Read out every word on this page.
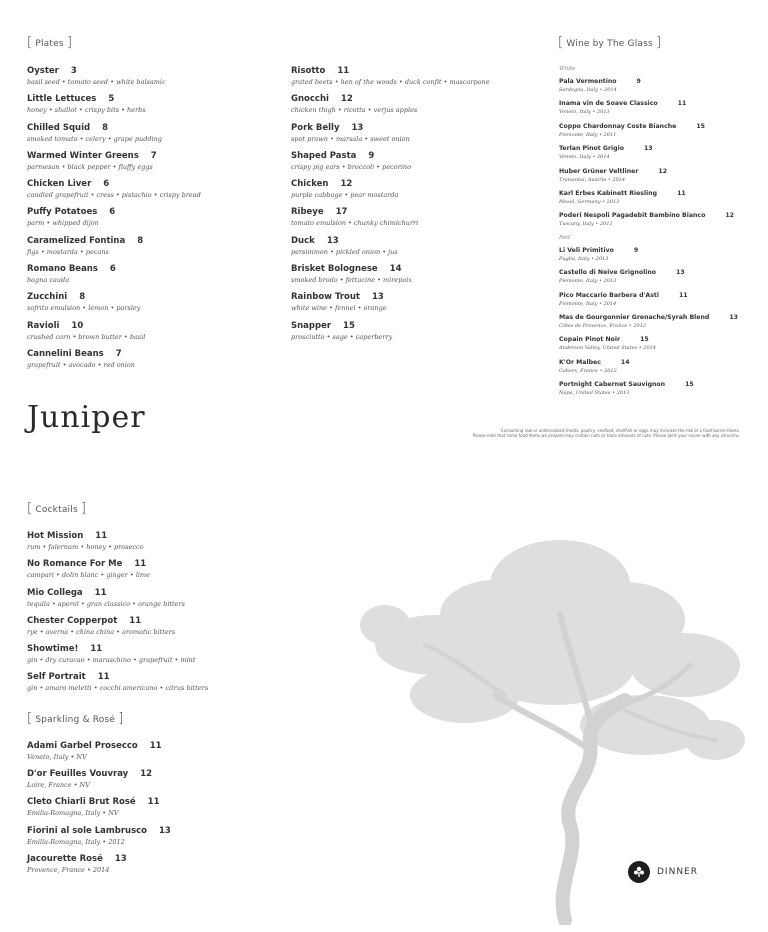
[ Plates ]	[ Wine by The Glass ]
[ Cocktails ]
[ Sparkling & Rosé ]
Oyster 3
basil seed • tomato seed • white balsamic
Little Lettuces 5
honey • shallot • crispy bits • herbs
Chilled Squid 8
smoked tomato • celery • grape pudding
Warmed Winter Greens 7
parmesan • black pepper • fluffy eggs
Chicken Liver 6
candied grapefruit • cress • pistachio • crispy bread
Puffy Potatoes 6
parm • whipped dijon
Caramelized Fontina 8
figs • mostarda • pecans
Romano Beans 6
bagna cauda
Zucchini 8
sofrito emulsion • lemon • parsley
Ravioli 10
crushed corn • brown butter • basil
Cannelini Beans 7
grapefruit • avocado • red onion
Risotto 11
grated beets • hen of the woods • duck confit • mascarpone
Gnocchi 12
chicken thigh • ricotta • verjus apples
Pork Belly 13
spot prawn • marsala • sweet onion
Shaped Pasta 9
crispy pig ears • broccoli • pecorino
Chicken 12
purple cabbage • pear mostarda
Ribeye 17
tomato emulsion • chunky chimichurri
Duck 13
persimmon • pickled onion • jus
Brisket Bolognese 14
smoked brodo • fettucine • mirepoix
Rainbow Trout 13
white wine • fennel • orange
Snapper 15
prosciutto • sage • caperberry
White
Pala Vermentino	9
Sardegna, Italy • 2014
Inama vin de Soave Classico	11
Veneto, Italy • 2013
Coppo Chardonnay Coste Bianche	15
Piemonte, Italy • 2011
Terlan Pinot Grigio	13
Veneto, Italy • 2014
Huber Grüner Veltliner	12
Traisental, Austria • 2014
Karl Erbes Kabinett Riesling	11
Mosel, Germany • 2013
Poderi Nespoli Pagadebit Bambino Bianco	12
Tuscany, Italy • 2011
Red
Li Veli Primitivo	9
Puglia, Italy • 2013
Castello di Neive Grignolino	13
Piemonte, Italy • 2013
Pico Maccario Barbera d'Asti	11
Piemonte, Italy • 2014
Mas de Gourgonnier Grenache/Syrah Blend	13
Côtes de Provence, France • 2012
Copain Pinot Noir	15
Anderson Valley, United States • 2014
K'Or Malbec	14
Cahors, France • 2012
Portnight Cabernet Sauvignon	15
Napa, United States • 2013
Juniper	Consuming raw or undercooked meats, poultry, seafood, shellfish or eggs may increase the risk of a food-borne illness.
Please note that some food items we prepare may contain nuts or trace amounts of nuts. Please alert your server with any concerns.
Hot Mission 11
rum • falernum • honey • prosecco
No Romance For Me 11
campari • dolin blanc • ginger • lime
Mio Collega 11
tequila • aperol • gran classico • orange bitters
Chester Copperpot 11
rye • averna • china china • aromatic bitters
Showtime! 11
gin • dry curacao • maraschino • grapefruit • mint
Self Portrait 11
gin • amaro meletti • cocchi americano • citrus bitters
Adami Garbel Prosecco 11
Veneto, Italy • NV
D'or Feuilles Vouvray 12
Loire, France • NV
Cleto Chiarli Brut Rosé 11
Emilia-Romagna, Italy • NV
Fiorini al sole Lambrusco 13
Emilia-Romagna, Italy • 2012
Jacourette Rosé 13
Provence, France • 2014	DINNER
